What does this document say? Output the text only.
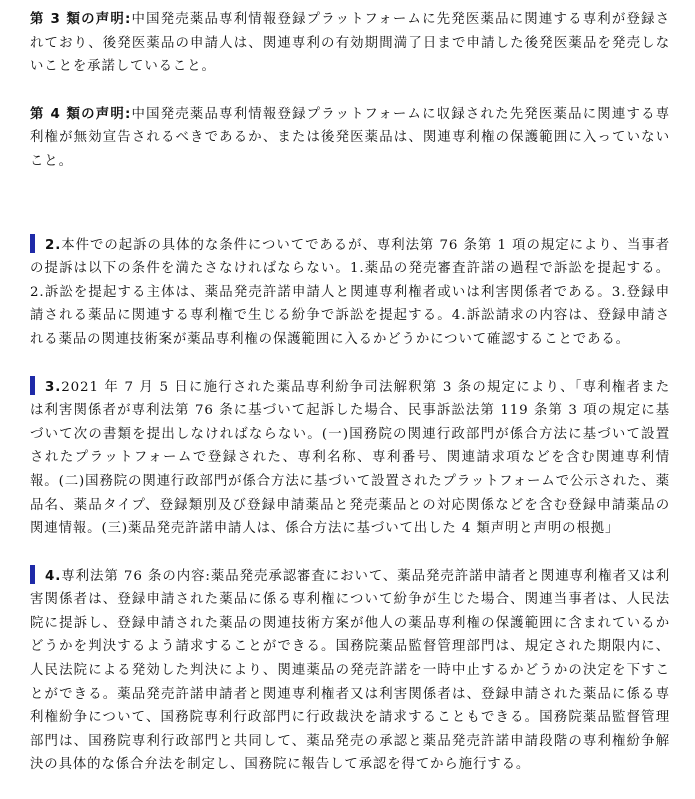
第 3 類の声明:中国発売薬品専利情報登録プラットフォームに先発医薬品に関連する専利が登録されており、後発医薬品の申請人は、関連専利の有効期間満了日まで申請した後発医薬品を発売しないことを承諾していること。

第 4 類の声明:中国発売薬品専利情報登録プラットフォームに収録された先発医薬品に関連する専利権が無効宣告されるべきであるか、または後発医薬品は、関連専利権の保護範囲に入っていないこと。

2.本件での起訴の具体的な条件についてであるが、専利法第 76 条第 1 項の規定により、当事者の提訴は以下の条件を満たさなければならない。1.薬品の発売審査許諾の過程で訴訟を提起する。2.訴訟を提起する主体は、薬品発売許諾申請人と関連専利権者或いは利害関係者である。3.登録申請される薬品に関連する専利権で生じる紛争で訴訟を提起する。4.訴訟請求の内容は、登録申請される薬品の関連技術案が薬品専利権の保護範囲に入るかどうかについて確認することである。

3.2021 年 7 月 5 日に施行された薬品専利紛争司法解釈第 3 条の規定により、「専利権者または利害関係者が専利法第 76 条に基づいて起訴した場合、民事訴訟法第 119 条第 3 項の規定に基づいて次の書類を提出しなければならない。(一)国務院の関連行政部門が係合方法に基づいて設置されたプラットフォームで登録された、専利名称、専利番号、関連請求項などを含む関連専利情報。(二)国務院の関連行政部門が係合方法に基づいて設置されたプラットフォームで公示された、薬品名、薬品タイプ、登録類別及び登録申請薬品と発売薬品との対応関係などを含む登録申請薬品の関連情報。(三)薬品発売許諾申請人は、係合方法に基づいて出した 4 類声明と声明の根拠」

4.専利法第 76 条の内容:薬品発売承認審査において、薬品発売許諾申請者と関連専利権者又は利害関係者は、登録申請された薬品に係る専利権について紛争が生じた場合、関連当事者は、人民法院に提訴し、登録申請された薬品の関連技術方案が他人の薬品専利権の保護範囲に含まれているかどうかを判決するよう請求することができる。国務院薬品監督管理部門は、規定された期限内に、人民法院による発効した判決により、関連薬品の発売許諾を一時中止するかどうかの決定を下すことができる。薬品発売許諾申請者と関連専利権者又は利害関係者は、登録申請された薬品に係る専利権紛争について、国務院専利行政部門に行政裁決を請求することもできる。国務院薬品監督管理部門は、国務院専利行政部門と共同して、薬品発売の承認と薬品発売許諾申請段階の専利権紛争解決の具体的な係合弁法を制定し、国務院に報告して承認を得てから施行する。
